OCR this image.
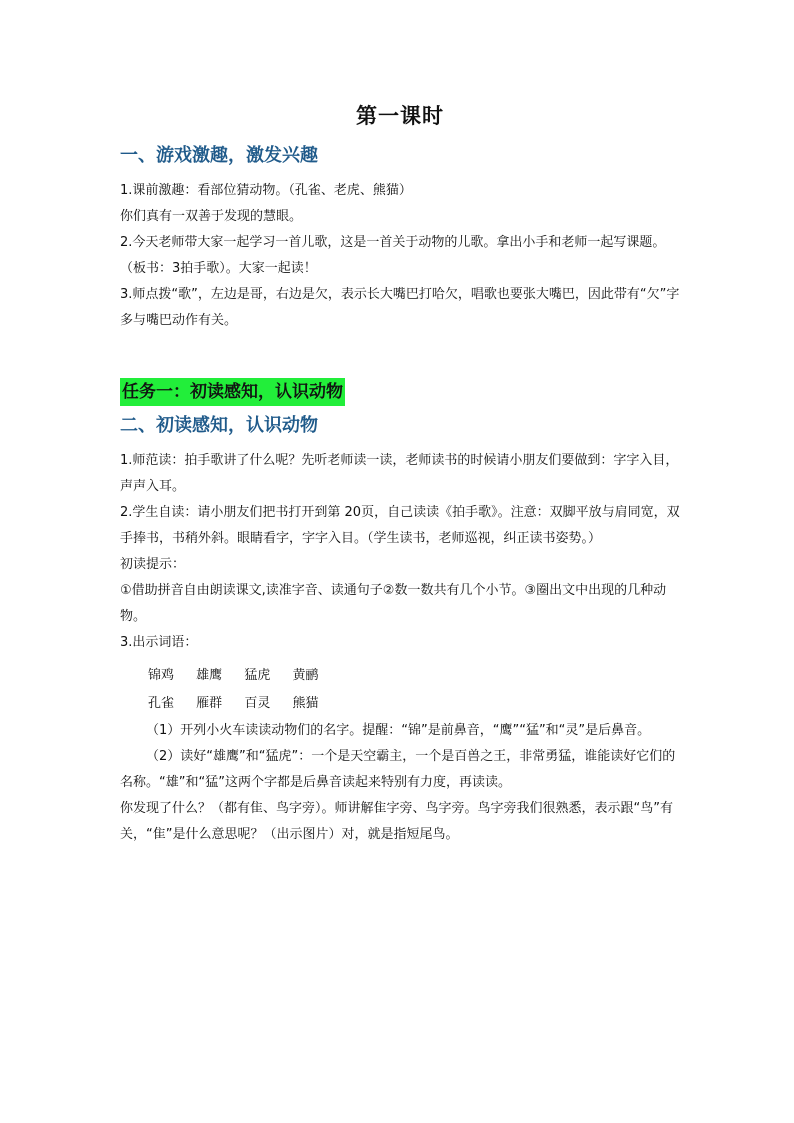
第一课时
一、游戏激趣，激发兴趣

1.课前激趣：看部位猜动物。（孔雀、老虎、熊猫）

你们真有一双善于发现的慧眼。

2.今天老师带大家一起学习一首儿歌，这是一首关于动物的儿歌。拿出小手和老师一起写课题。（板书：3拍手歌）。大家一起读！

3.师点拨“歌”，左边是哥，右边是欠，表示长大嘴巴打哈欠，唱歌也要张大嘴巴，因此带有“欠”字多与嘴巴动作有关。

任务一：初读感知，认识动物
二、初读感知，认识动物

1.师范读：拍手歌讲了什么呢？先听老师读一读，老师读书的时候请小朋友们要做到：字字入目，声声入耳。

2.学生自读：请小朋友们把书打开到第 20页，自己读读《拍手歌》。注意：双脚平放与肩同宽，双手捧书，书稍外斜。眼睛看字，字字入目。（学生读书，老师巡视，纠正读书姿势。）

初读提示：

①借助拼音自由朗读课文,读准字音、读通句子②数一数共有几个小节。③圈出文中出现的几种动物。

3.出示词语：

锦鸡 雄鹰 猛虎 黄鹂
孔雀 雁群 百灵 熊猫

（1）开列小火车读读动物们的名字。提醒：“锦”是前鼻音，“鹰”“猛”和“灵”是后鼻音。

（2）读好“雄鹰”和“猛虎”：一个是天空霸主，一个是百兽之王，非常勇猛，谁能读好它们的名称。“雄”和“猛”这两个字都是后鼻音读起来特别有力度，再读读。

你发现了什么？（都有隹、鸟字旁）。师讲解隹字旁、鸟字旁。鸟字旁我们很熟悉，表示跟“鸟”有关，“隹”是什么意思呢？（出示图片）对，就是指短尾鸟。
